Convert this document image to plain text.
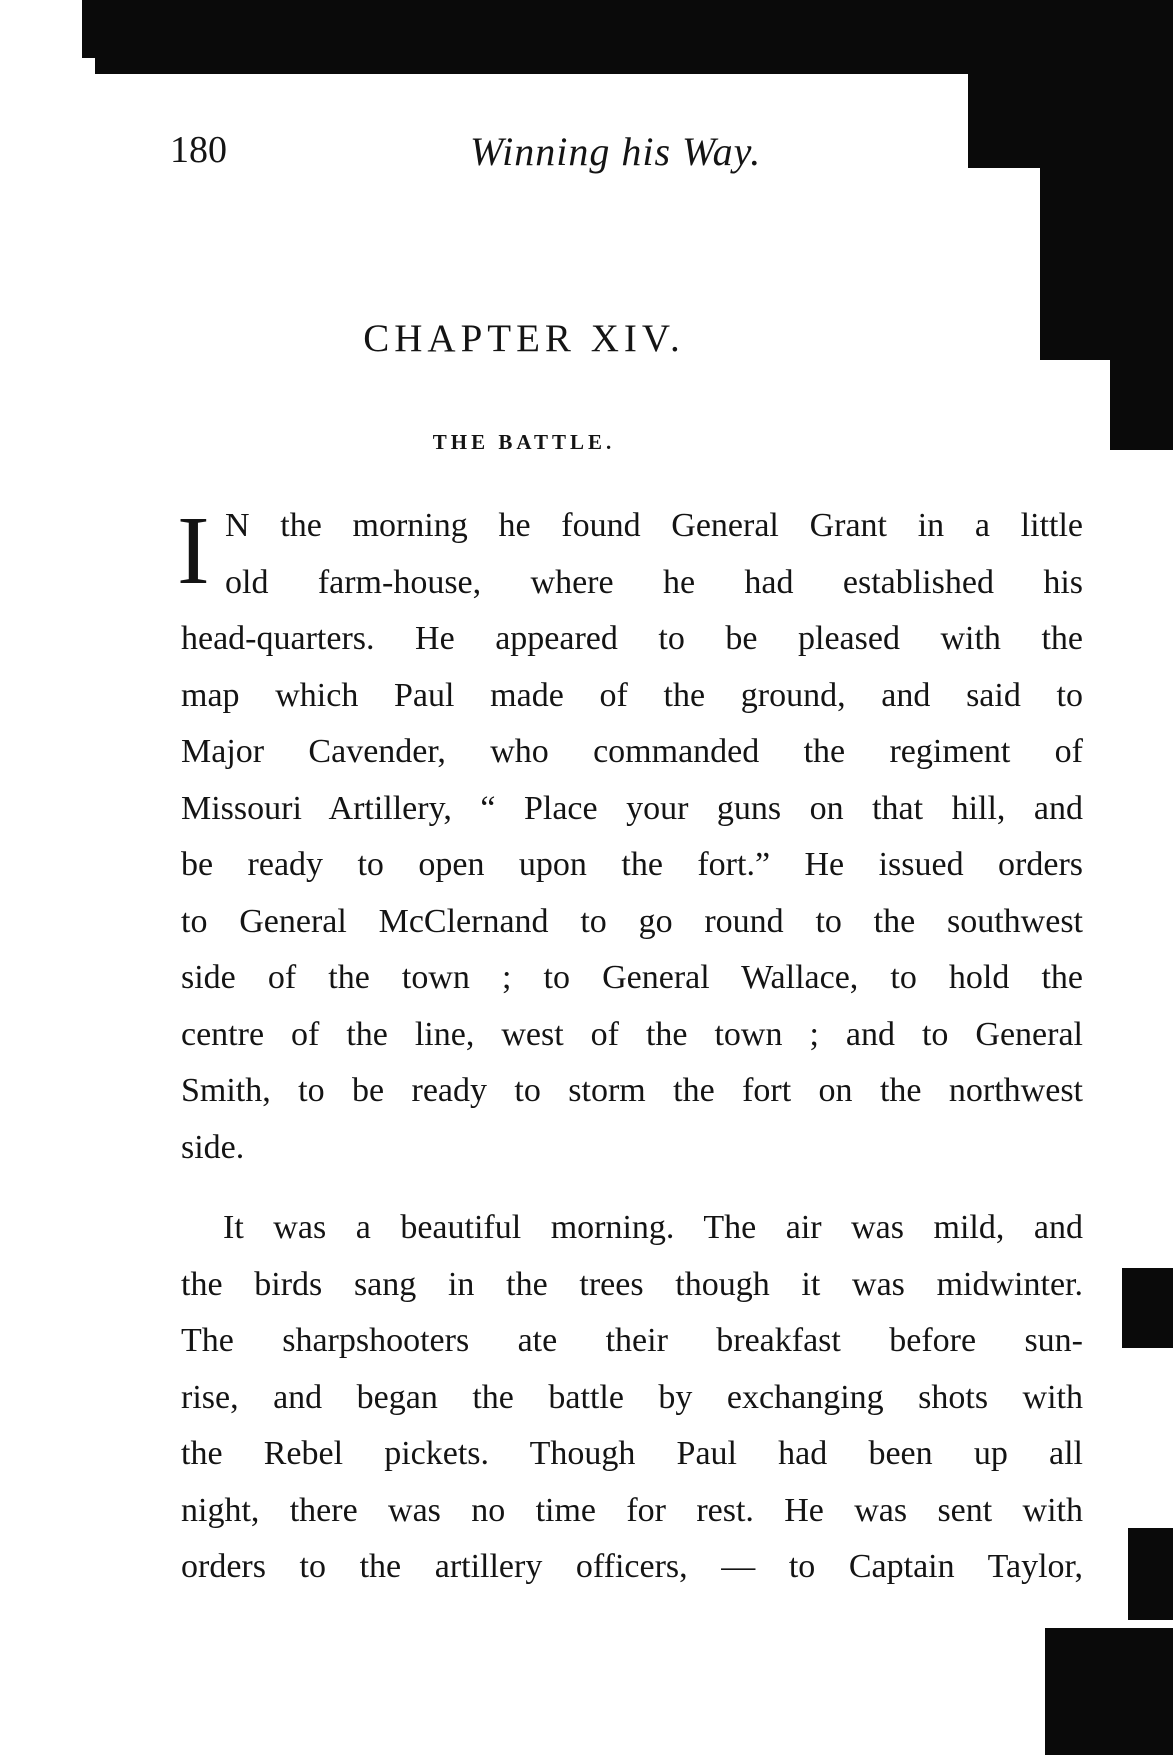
180	Winning his Way.
CHAPTER XIV.
THE BATTLE.
I N the morning he found General Grant in a little
old farm-house, where he had established his
head-quarters. He appeared to be pleased with the
map which Paul made of the ground, and said to
Major Cavender, who commanded the regiment of
Missouri Artillery, “ Place your guns on that hill, and
be ready to open upon the fort.” He issued orders
to General McClernand to go round to the southwest
side of the town ; to General Wallace, to hold the
centre of the line, west of the town ; and to General
Smith, to be ready to storm the fort on the northwest
side.
It was a beautiful morning. The air was mild, and
the birds sang in the trees though it was midwinter.
The sharpshooters ate their breakfast before sun-
rise, and began the battle by exchanging shots with
the Rebel pickets. Though Paul had been up all
night, there was no time for rest. He was sent with
orders to the artillery officers, — to Captain Taylor,
